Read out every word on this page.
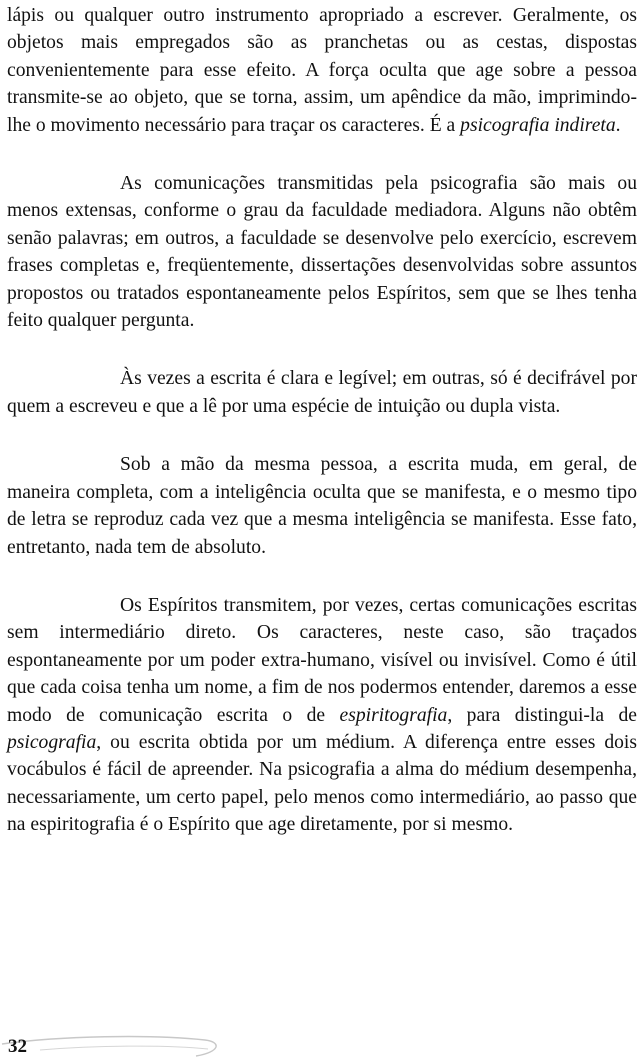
lápis ou qualquer outro instrumento apropriado a escrever. Geralmente, os objetos mais empregados são as pranchetas ou as cestas, dispostas convenientemente para esse efeito. A força oculta que age sobre a pessoa transmite-se ao objeto, que se torna, assim, um apêndice da mão, imprimindo-lhe o movimento necessário para traçar os caracteres. É a psicografia indireta.

As comunicações transmitidas pela psicografia são mais ou menos extensas, conforme o grau da faculdade mediadora. Alguns não obtêm senão palavras; em outros, a faculdade se desenvolve pelo exercício, escrevem frases completas e, freqüentemente, dissertações desenvolvidas sobre assuntos propostos ou tratados espontaneamente pelos Espíritos, sem que se lhes tenha feito qualquer pergunta.

Às vezes a escrita é clara e legível; em outras, só é decifrável por quem a escreveu e que a lê por uma espécie de intuição ou dupla vista.

Sob a mão da mesma pessoa, a escrita muda, em geral, de maneira completa, com a inteligência oculta que se manifesta, e o mesmo tipo de letra se reproduz cada vez que a mesma inteligência se manifesta. Esse fato, entretanto, nada tem de absoluto.

Os Espíritos transmitem, por vezes, certas comunicações escritas sem intermediário direto. Os caracteres, neste caso, são traçados espontaneamente por um poder extra-humano, visível ou invisível. Como é útil que cada coisa tenha um nome, a fim de nos podermos entender, daremos a esse modo de comunicação escrita o de espiritografia, para distingui-la de psicografia, ou escrita obtida por um médium. A diferença entre esses dois vocábulos é fácil de apreender. Na psicografia a alma do médium desempenha, necessariamente, um certo papel, pelo menos como intermediário, ao passo que na espiritografia é o Espírito que age diretamente, por si mesmo.

32
